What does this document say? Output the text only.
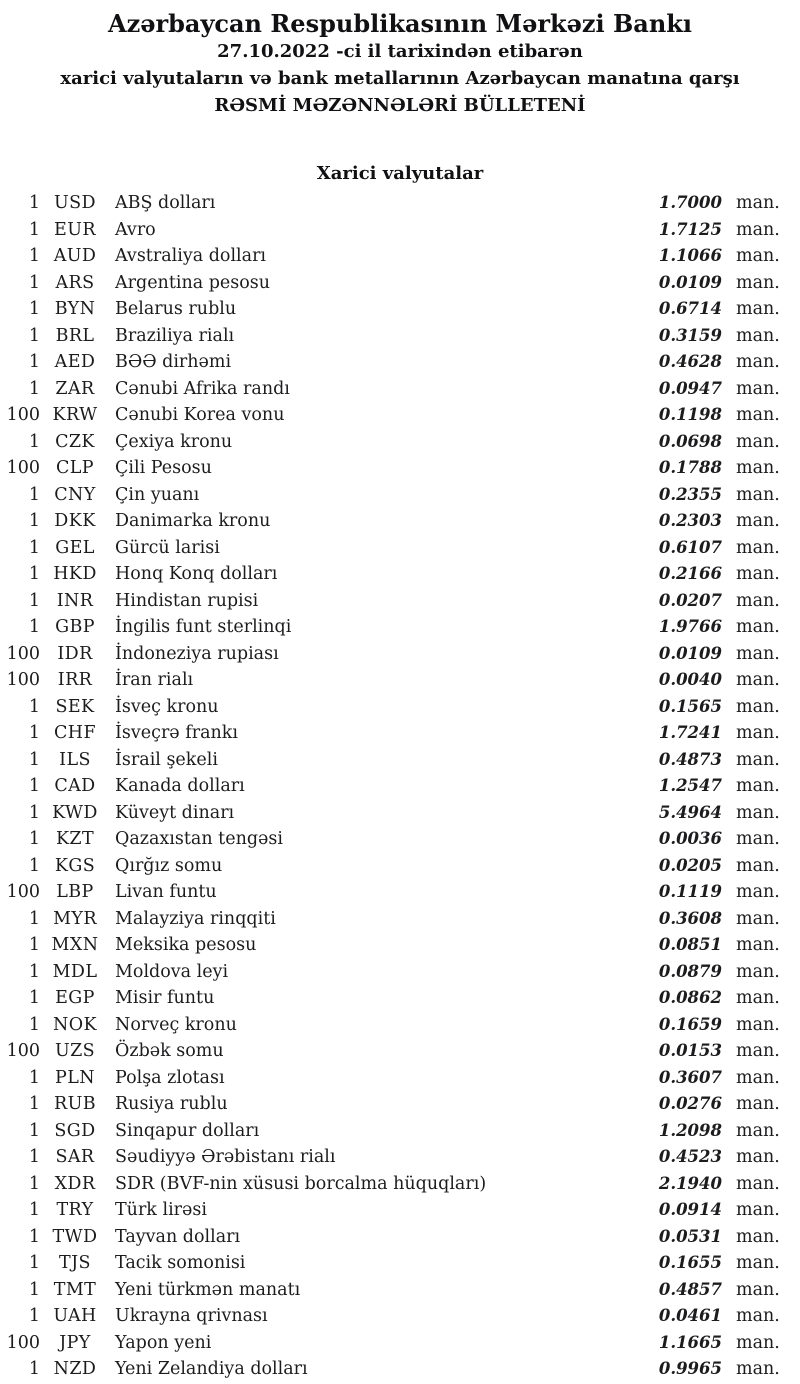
Azərbaycan Respublikasının Mərkəzi Bankı
27.10.2022 -ci il tarixindən etibarən
xarici valyutaların və bank metallarının Azərbaycan manatına qarşı
RƏSMİ MƏZƏNNƏLƏRİ BÜLLETENİ
Xarici valyutalar
1 USD	ABŞ dolları	1.7000 man.
1 EUR	Avro	1.7125 man.
1 AUD	Avstraliya dolları	1.1066 man.
1 ARS	Argentina pesosu	0.0109 man.
1 BYN	Belarus rublu	0.6714 man.
1 BRL	Braziliya rialı	0.3159 man.
1 AED	BƏƏ dirhəmi	0.4628 man.
1 ZAR	Cənubi Afrika randı	0.0947 man.
100 KRW Cənubi Korea vonu	0.1198 man.
1 CZK	Çexiya kronu	0.0698 man.
100 CLP	Çili Pesosu	0.1788 man.
1 CNY	Çin yuanı	0.2355 man.
1 DKK	Danimarka kronu	0.2303 man.
1 GEL	Gürcü larisi	0.6107 man.
1 HKD	Honq Konq dolları	0.2166 man.
1 INR	Hindistan rupisi	0.0207 man.
1 GBP	İngilis funt sterlinqi	1.9766 man.
100 IDR	İndoneziya rupiası	0.0109 man.
100	IRR	İran rialı	0.0040 man.
1 SEK	İsveç kronu	0.1565 man.
1 CHF	İsveçrə frankı	1.7241 man.
1	ILS	İsrail şekeli	0.4873 man.
1 CAD	Kanada dolları	1.2547 man.
1 KWD Küveyt dinarı	5.4964 man.
1 KZT	Qazaxıstan tengəsi	0.0036 man.
1 KGS	Qırğız somu	0.0205 man.
100 LBP	Livan funtu	0.1119 man.
1 MYR	Malayziya rinqqiti	0.3608 man.
1 MXN Meksika pesosu	0.0851 man.
1 MDL	Moldova leyi	0.0879 man.
1 EGP	Misir funtu	0.0862 man.
1 NOK	Norveç kronu	0.1659 man.
100 UZS	Özbək somu	0.0153 man.
1 PLN	Polşa zlotası	0.3607 man.
1 RUB	Rusiya rublu	0.0276 man.
1 SGD	Sinqapur dolları	1.2098 man.
1 SAR	Səudiyyə Ərəbistanı rialı	0.4523 man.
1 XDR	SDR (BVF-nin xüsusi borcalma hüquqları)	2.1940 man.
1 TRY	Türk lirəsi	0.0914 man.
1 TWD	Tayvan dolları	0.0531 man.
1	TJS	Tacik somonisi	0.1655 man.
1 TMT	Yeni türkmən manatı	0.4857 man.
1 UAH	Ukrayna qrivnası	0.0461 man.
100	JPY	Yapon yeni	1.1665 man.
1 NZD	Yeni Zelandiya dolları	0.9965 man.
